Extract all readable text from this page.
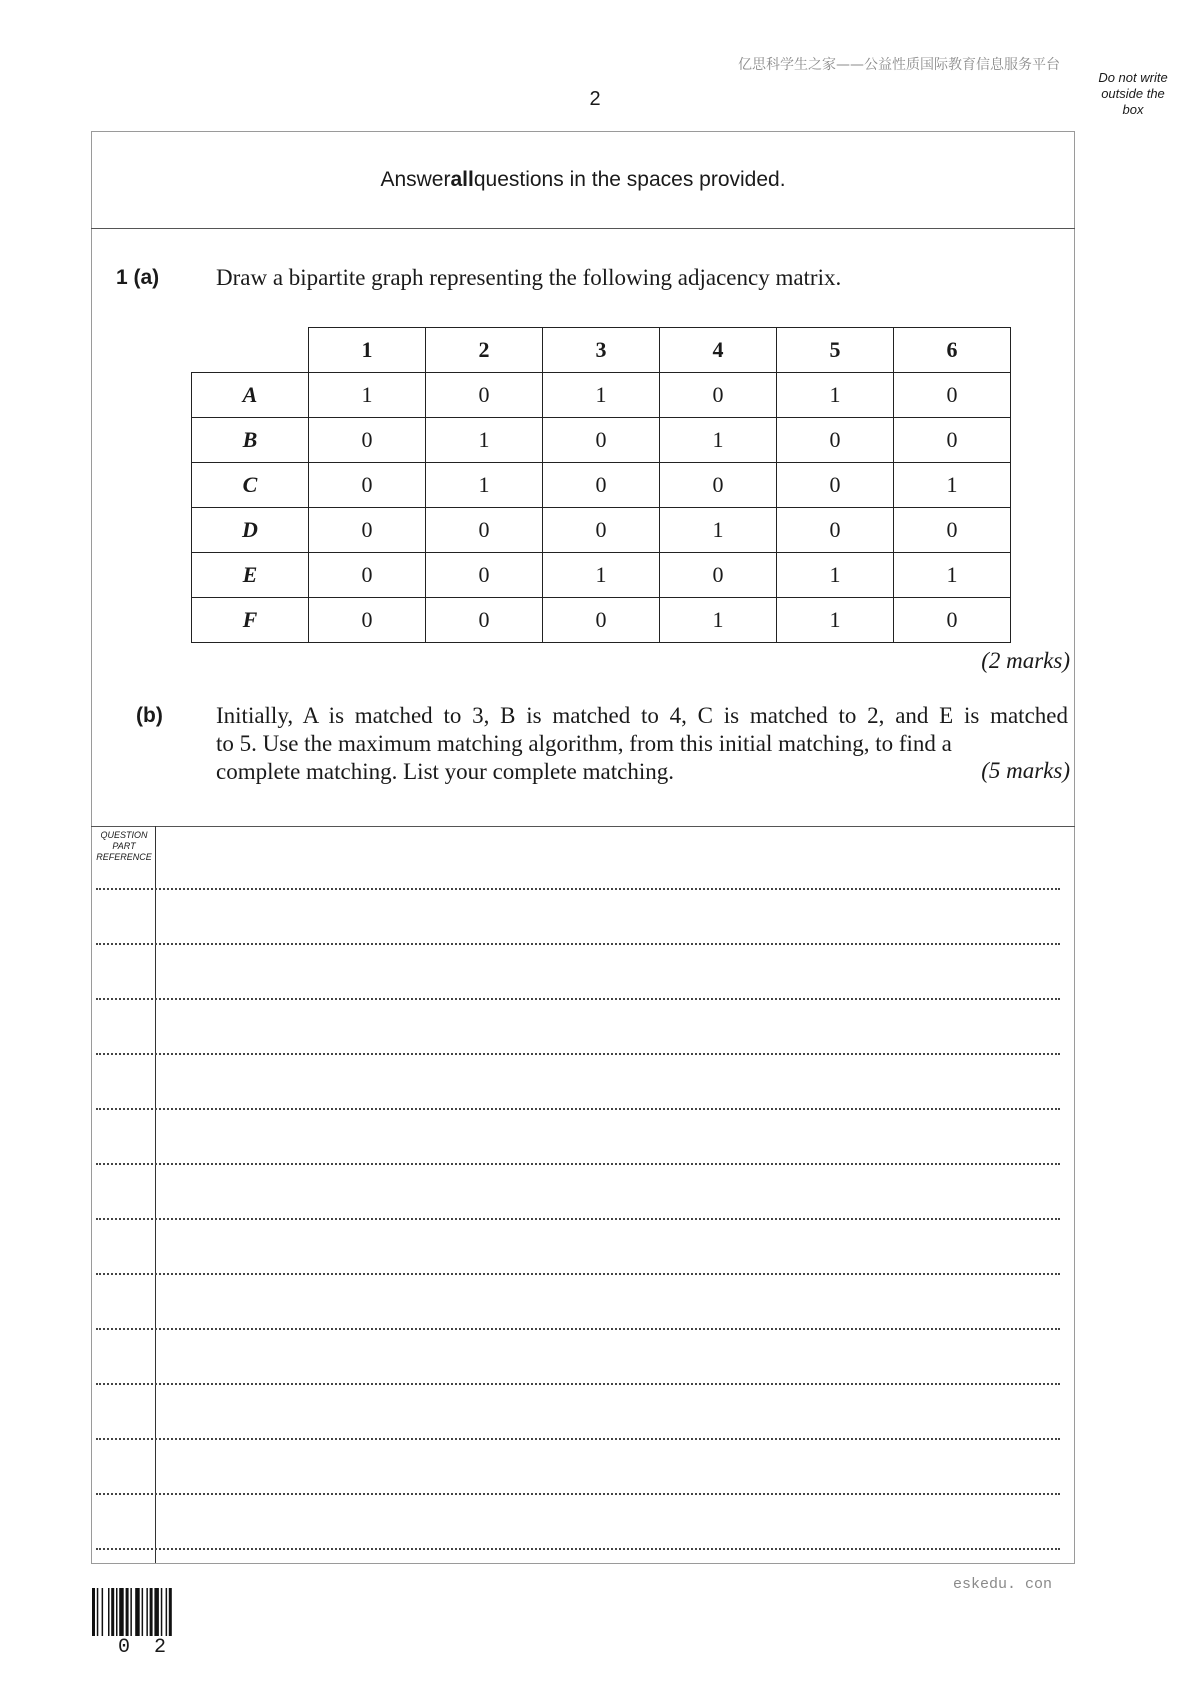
亿思科学生之家——公益性质国际教育信息服务平台
2
Do not write
outside the
box
Answer all questions in the spaces provided.
1 (a) Draw a bipartite graph representing the following adjacency matrix.
	1	2	3	4	5	6
A	1	0	1	0	1	0
B	0	1	0	1	0	0
C	0	1	0	0	0	1
D	0	0	0	1	0	0
E	0	0	1	0	1	1
F	0	0	0	1	1	0
(2 marks)
(b) Initially, A is matched to 3, B is matched to 4, C is matched to 2, and E is matched
to 5. Use the maximum matching algorithm, from this initial matching, to find a
complete matching. List your complete matching.	(5 marks)
QUESTION
PART
REFERENCE
0 2
eskedu. con
